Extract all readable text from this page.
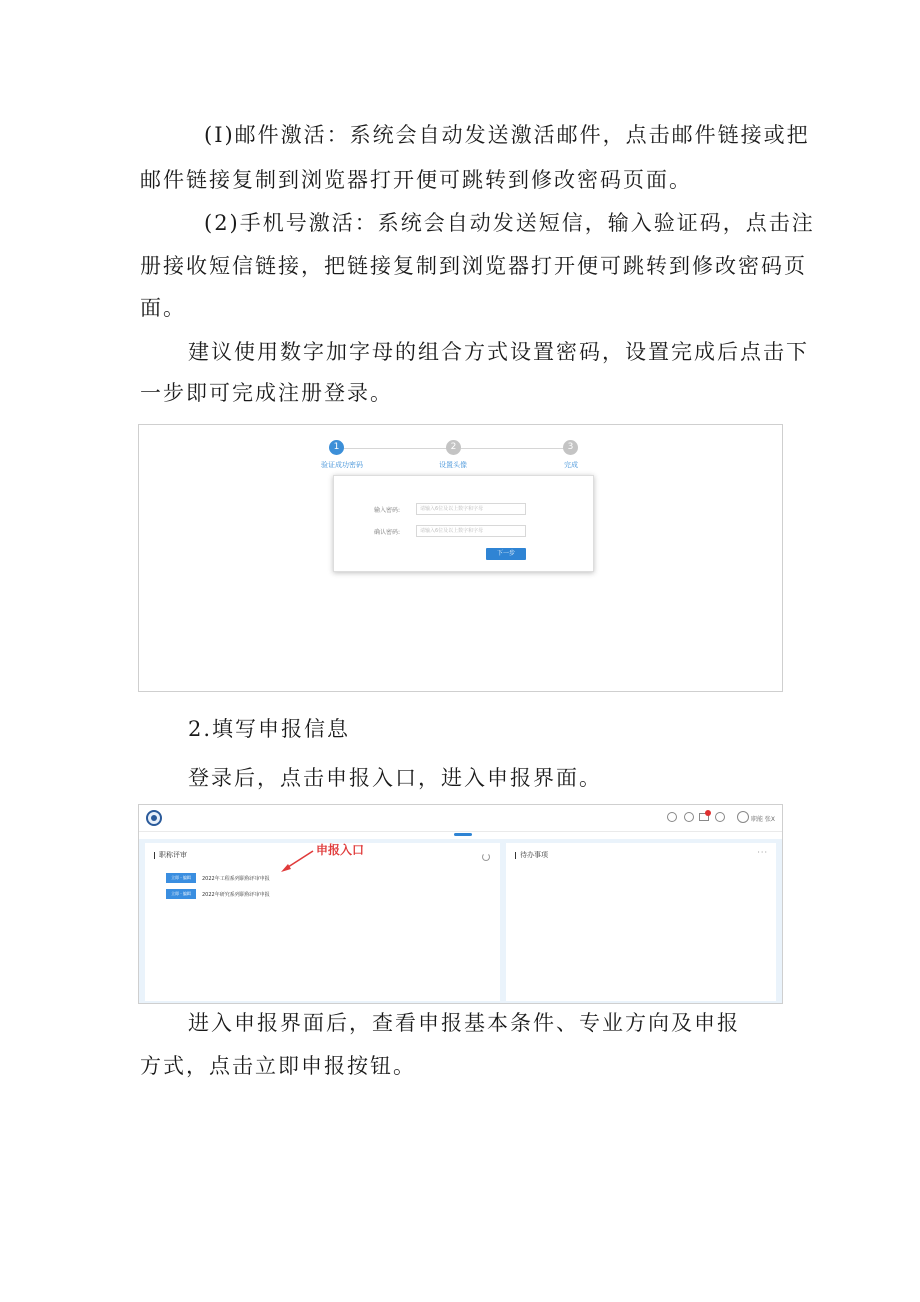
(I)邮件激活：系统会自动发送激活邮件，点击邮件链接或把

邮件链接复制到浏览器打开便可跳转到修改密码页面。

(2)手机号激活：系统会自动发送短信，输入验证码，点击注

册接收短信链接，把链接复制到浏览器打开便可跳转到修改密码页

面。

建议使用数字加字母的组合方式设置密码，设置完成后点击下

一步即可完成注册登录。

1	2	3
验证成功密码	设置头像	完成
输入密码:	请输入6位及以上数字和字母
确认密码:	请输入6位及以上数字和字母
下一步

2.填写申报信息

登录后，点击申报入口，进入申报界面。

职能 张X
职称评审	申报入口
立即 · 编辑	2022年工程系列职称评审申报
立即 · 编辑	2022年研究系列职称评审申报
待办事项	···

进入申报界面后，查看申报基本条件、专业方向及申报

方式，点击立即申报按钮。
